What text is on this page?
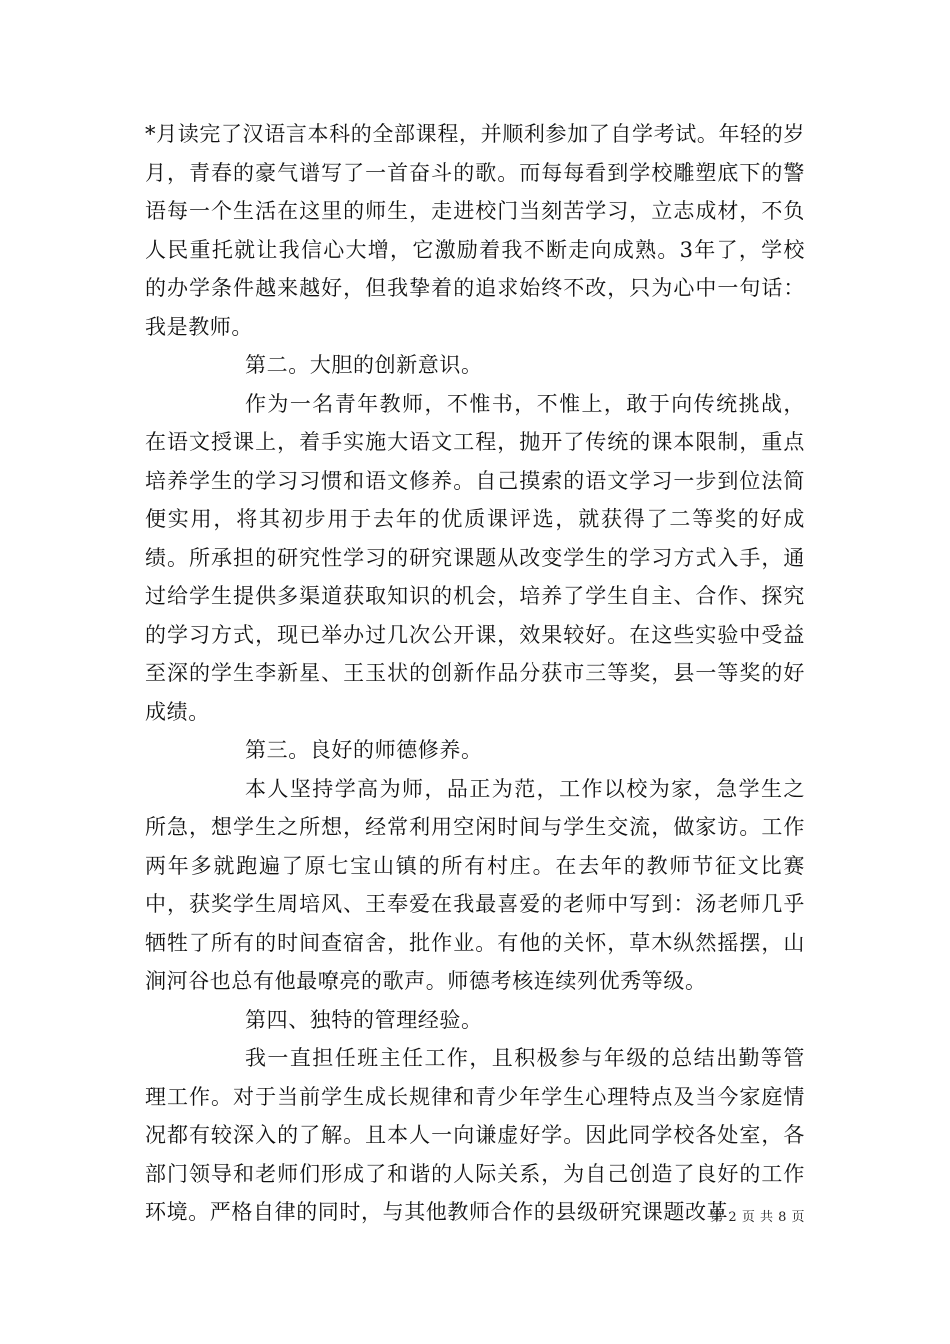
*月读完了汉语言本科的全部课程，并顺利参加了自学考试。年轻的岁月，青春的豪气谱写了一首奋斗的歌。而每每看到学校雕塑底下的警语每一个生活在这里的师生，走进校门当刻苦学习，立志成材，不负人民重托就让我信心大增，它激励着我不断走向成熟。3年了，学校的办学条件越来越好，但我挚着的追求始终不改，只为心中一句话：我是教师。

第二。大胆的创新意识。

作为一名青年教师，不惟书，不惟上，敢于向传统挑战，在语文授课上，着手实施大语文工程，抛开了传统的课本限制，重点培养学生的学习习惯和语文修养。自己摸索的语文学习一步到位法简便实用，将其初步用于去年的优质课评选，就获得了二等奖的好成绩。所承担的研究性学习的研究课题从改变学生的学习方式入手，通过给学生提供多渠道获取知识的机会，培养了学生自主、合作、探究的学习方式，现已举办过几次公开课，效果较好。在这些实验中受益至深的学生李新星、王玉状的创新作品分获市三等奖，县一等奖的好成绩。

第三。良好的师德修养。

本人坚持学高为师，品正为范，工作以校为家，急学生之所急，想学生之所想，经常利用空闲时间与学生交流，做家访。工作两年多就跑遍了原七宝山镇的所有村庄。在去年的教师节征文比赛中，获奖学生周培风、王奉爱在我最喜爱的老师中写到：汤老师几乎牺牲了所有的时间查宿舍，批作业。有他的关怀，草木纵然摇摆，山涧河谷也总有他最嘹亮的歌声。师德考核连续列优秀等级。

第四、独特的管理经验。

我一直担任班主任工作，且积极参与年级的总结出勤等管理工作。对于当前学生成长规律和青少年学生心理特点及当今家庭情况都有较深入的了解。且本人一向谦虚好学。因此同学校各处室，各部门领导和老师们形成了和谐的人际关系，为自己创造了良好的工作环境。严格自律的同时，与其他教师合作的县级研究课题改革

第 2 页 共 8 页
